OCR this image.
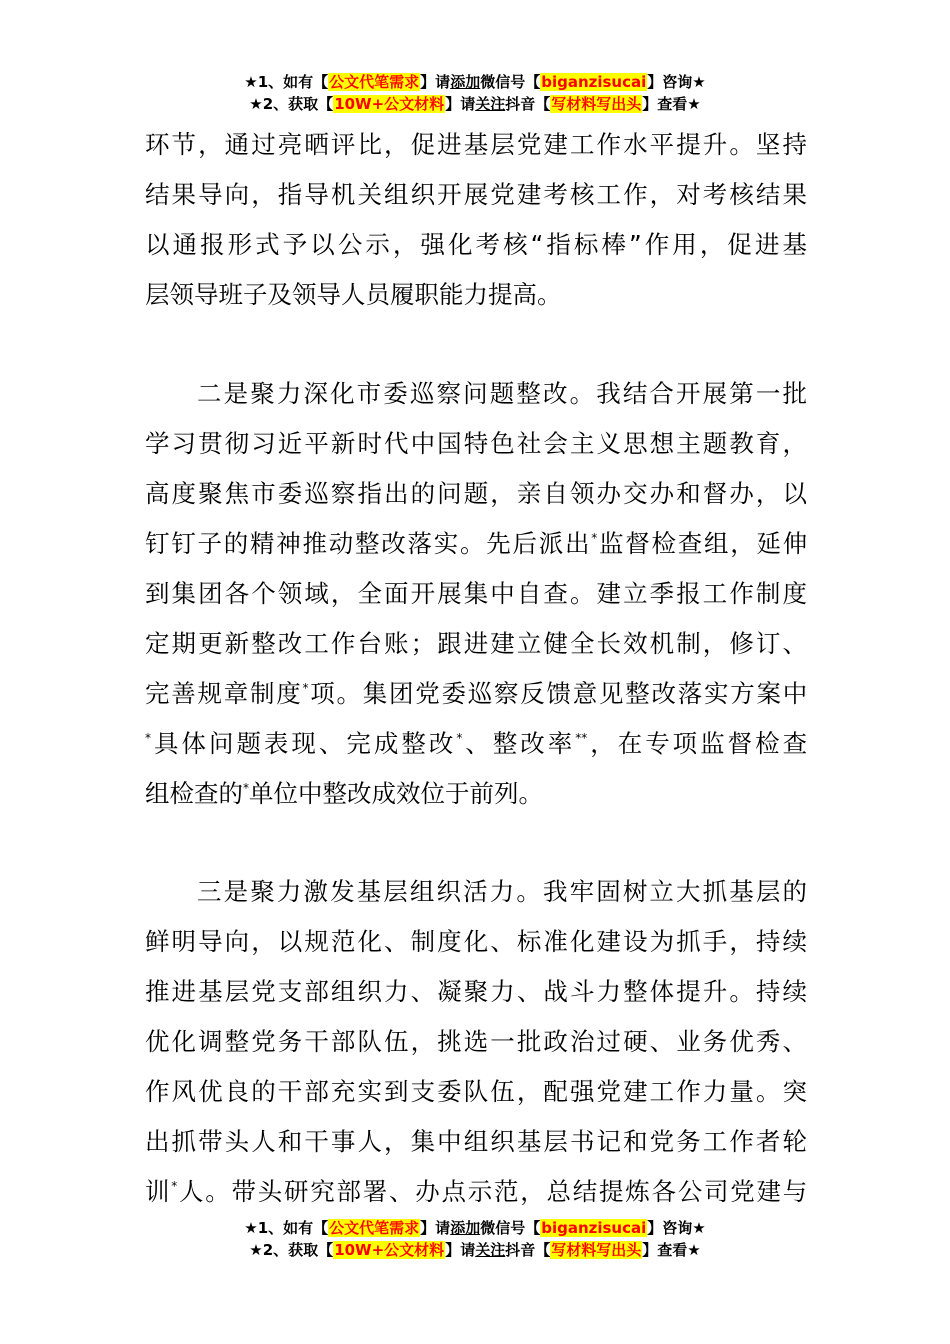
★1、如有【公文代笔需求】请添加微信号【biganzisucai】咨询★
★2、获取【10W+公文材料】请关注抖音【写材料写出头】查看★

环节，通过亮晒评比，促进基层党建工作水平提升。坚持
结果导向，指导机关组织开展党建考核工作，对考核结果
以通报形式予以公示，强化考核“指标棒”作用，促进基
层领导班子及领导人员履职能力提高。

二是聚力深化市委巡察问题整改。我结合开展第一批
学习贯彻习近平新时代中国特色社会主义思想主题教育，
高度聚焦市委巡察指出的问题，亲自领办交办和督办，以
钉钉子的精神推动整改落实。先后派出*监督检查组，延伸
到集团各个领域，全面开展集中自查。建立季报工作制度
定期更新整改工作台账；跟进建立健全长效机制，修订、
完善规章制度*项。集团党委巡察反馈意见整改落实方案中
*具体问题表现、完成整改*、整改率**，在专项监督检查
组检查的*单位中整改成效位于前列。

三是聚力激发基层组织活力。我牢固树立大抓基层的
鲜明导向，以规范化、制度化、标准化建设为抓手，持续
推进基层党支部组织力、凝聚力、战斗力整体提升。持续
优化调整党务干部队伍，挑选一批政治过硬、业务优秀、
作风优良的干部充实到支委队伍，配强党建工作力量。突
出抓带头人和干事人，集中组织基层书记和党务工作者轮
训*人。带头研究部署、办点示范，总结提炼各公司党建与

★1、如有【公文代笔需求】请添加微信号【biganzisucai】咨询★
★2、获取【10W+公文材料】请关注抖音【写材料写出头】查看★
